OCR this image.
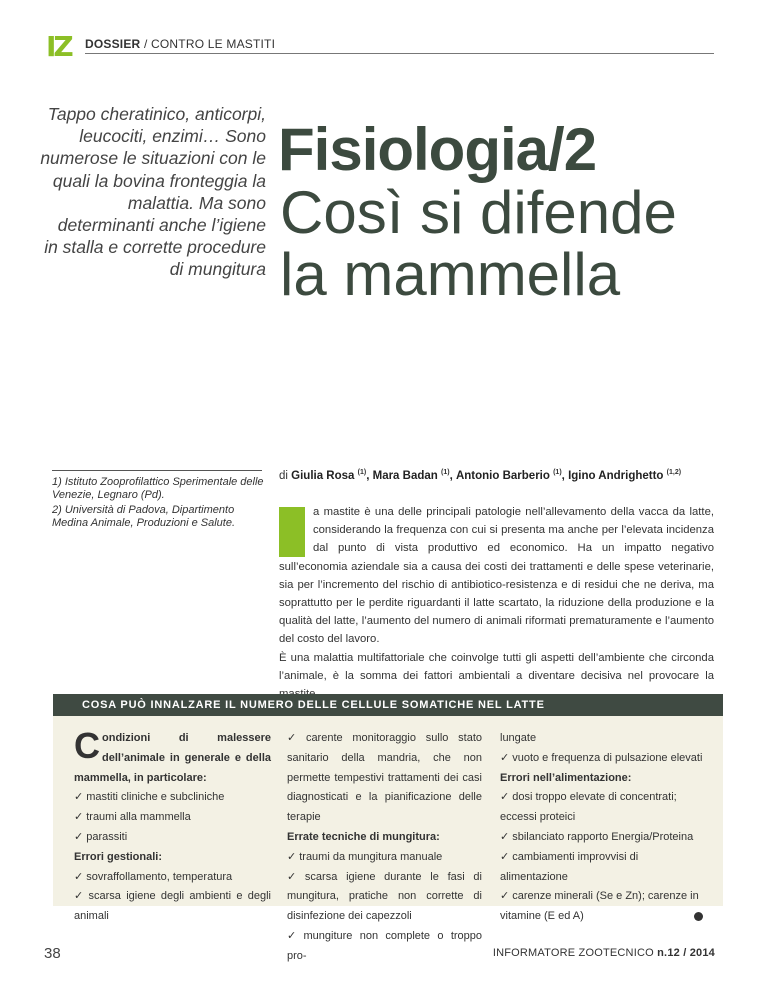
IZ	DOSSIER / CONTRO LE MASTITI
Tappo cheratinico, anticorpi, leucociti, enzimi… Sono numerose le situazioni con le quali la bovina fronteggia la malattia. Ma sono determinanti anche l’igiene in stalla e corrette procedure di mungitura
Fisiologia/2
Così si difende la mammella
1) Istituto Zooprofilattico Sperimentale delle Venezie, Legnaro (Pd).
2) Università di Padova, Dipartimento Medina Animale, Produzioni e Salute.
di Giulia Rosa $^{(1)}$, Mara Badan $^{(1)}$, Antonio Barberio $^{(1)}$, Igino Andrighetto $^{(1,2)}$

a mastite è una delle principali patologie nell’allevamento della vacca da latte, considerando la frequenza con cui si presenta ma anche per l’elevata incidenza dal punto di vista produttivo ed economico. Ha un impatto negativo sull’economia aziendale sia a causa dei costi dei trattamenti e delle spese veterinarie, sia per l’incremento del rischio di antibiotico-resistenza e di residui che ne deriva, ma soprattutto per le perdite riguardanti il latte scartato, la riduzione della produzione e la qualità del latte, l’aumento del numero di animali riformati prematuramente e l’aumento del costo del lavoro.

È una malattia multifattoriale che coinvolge tutti gli aspetti dell’ambiente che circonda l’animale, è la somma dei fattori ambientali a diventare decisiva nel provocare la

COSA PUÒ INNALZARE IL NUMERO DELLE CELLULE SOMATICHE NEL LATTE

Condizioni di malessere dell’animale in generale e della mammella, in particolare:

✓ mastiti cliniche e subcliniche

✓ traumi alla mammella

✓ parassiti

Errori gestionali:

✓ sovraffollamento, temperatura

✓ scarsa igiene degli ambienti e degli animali

✓ carente monitoraggio sullo stato sanitario della mandria, che non permette tempestivi trattamenti dei casi diagnosticati e la pianificazione delle terapie

Errate tecniche di mungitura:

✓ traumi da mungitura manuale

✓ scarsa igiene durante le fasi di mungitura, pratiche non corrette di disinfezione dei capezzoli

✓ mungiture non complete o troppo pro-

lungate

✓ vuoto e frequenza di pulsazione elevati

Errori nell’alimentazione:

✓ dosi troppo elevate di concentrati; eccessi proteici

✓ sbilanciato rapporto Energia/Proteina

✓ cambiamenti improvvisi di alimentazione

✓ carenze minerali (Se e Zn); carenze in vitamine (E ed A)

38	INFORMATORE ZOOTECNICO n.12 / 2014
